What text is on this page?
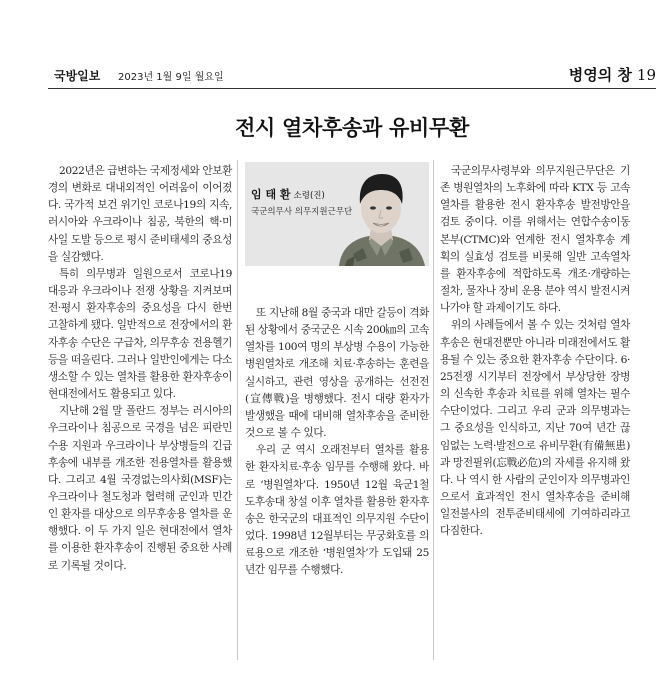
국방일보 2023년 1월 9일 월요일	병영의 창 19
전시 열차후송과 유비무환

2022년은 급변하는 국제정세와 안보환경의 변화로 대내외적인 어려움이 이어졌다. 국가적 보건 위기인 코로나19의 지속, 러시아와 우크라이나 침공, 북한의 핵·미사일 도발 등으로 평시 준비태세의 중요성을 실감했다.

특히 의무병과 일원으로서 코로나19 대응과 우크라이나 전쟁 상황을 지켜보며 전·평시 환자후송의 중요성을 다시 한번 고찰하게 됐다. 일반적으로 전장에서의 환자후송 수단은 구급차, 의무후송 전용헬기 등을 떠올린다. 그러나 일반인에게는 다소 생소할 수 있는 열차를 활용한 환자후송이 현대전에서도 활용되고 있다.

지난해 2월 말 폴란드 정부는 러시아의 우크라이나 침공으로 국경을 넘은 피란민 수용 지원과 우크라이나 부상병들의 긴급후송에 내부를 개조한 전용열차를 활용했다. 그리고 4월 국경없는의사회(MSF)는 우크라이나 철도청과 협력해 군인과 민간인 환자를 대상으로 의무후송용 열차를 운행했다. 이 두 가지 일은 현대전에서 열차를 이용한 환자후송이 진행된 중요한 사례로 기록될 것이다.

임 태 환 소령(진)
국군의무사 의무지원근무단

또 지난해 8월 중국과 대만 갈등이 격화된 상황에서 중국군은 시속 200㎞의 고속열차를 100여 명의 부상병 수용이 가능한 병원열차로 개조해 치료·후송하는 훈련을 실시하고, 관련 영상을 공개하는 선전전(宣傳戰)을 병행했다. 전시 대량 환자가 발생했을 때에 대비해 열차후송을 준비한 것으로 볼 수 있다.

우리 군 역시 오래전부터 열차를 활용한 환자치료·후송 임무를 수행해 왔다. 바로 ‘병원열차’다. 1950년 12월 육군1철도후송대 창설 이후 열차를 활용한 환자후송은 한국군의 대표적인 의무지원 수단이었다. 1998년 12월부터는 무궁화호를 의료용으로 개조한 ‘병원열차’가 도입돼 25년간 임무를 수행했다.

국군의무사령부와 의무지원근무단은 기존 병원열차의 노후화에 따라 KTX 등 고속열차를 활용한 전시 환자후송 발전방안을 검토 중이다. 이를 위해서는 연합수송이동본부(CTMC)와 연계한 전시 열차후송 계획의 실효성 검토를 비롯해 일반 고속열차를 환자후송에 적합하도록 개조·개량하는 절차, 물자나 장비 운용 분야 역시 발전시켜 나가야 할 과제이기도 하다.

위의 사례들에서 볼 수 있는 것처럼 열차후송은 현대전뿐만 아니라 미래전에서도 활용될 수 있는 중요한 환자후송 수단이다. 6·25전쟁 시기부터 전장에서 부상당한 장병의 신속한 후송과 치료를 위해 열차는 필수 수단이었다. 그리고 우리 군과 의무병과는 그 중요성을 인식하고, 지난 70여 년간 끊임없는 노력·발전으로 유비무환(有備無患)과 망전필위(忘戰必危)의 자세를 유지해 왔다. 나 역시 한 사람의 군인이자 의무병과인으로서 효과적인 전시 열차후송을 준비해 일전불사의 전투준비태세에 기여하리라고 다짐한다.
